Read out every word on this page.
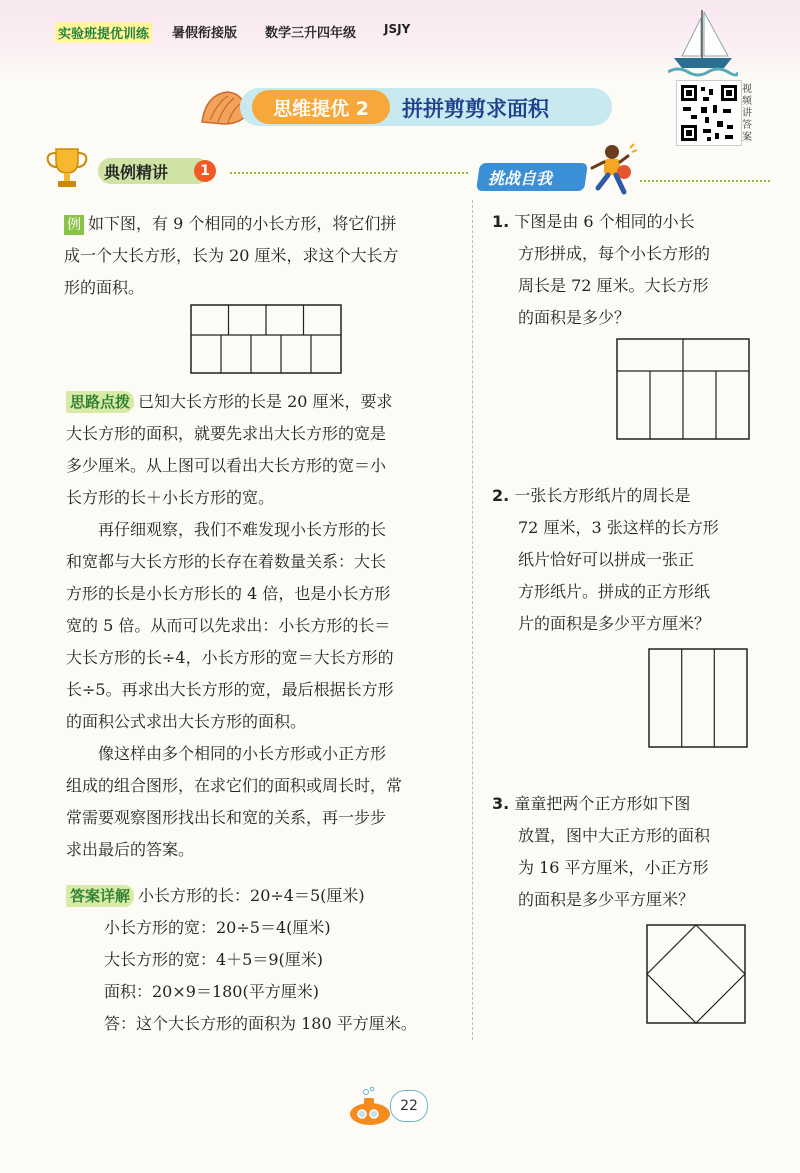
实验班提优训练 暑假衔接版 数学三升四年级 JSJY
思维提优 2	拼拼剪剪求面积
视频讲答案
典例精讲	1	挑战自我
例 如下图，有 9 个相同的小长方形，将它们拼
成一个大长方形，长为 20 厘米，求这个大长方
形的面积。
思路点拨 已知大长方形的长是 20 厘米，要求
大长方形的面积，就要先求出大长方形的宽是
多少厘米。从上图可以看出大长方形的宽＝小
长方形的长＋小长方形的宽。
再仔细观察，我们不难发现小长方形的长
和宽都与大长方形的长存在着数量关系：大长
方形的长是小长方形长的 4 倍，也是小长方形
宽的 5 倍。从而可以先求出：小长方形的长＝
大长方形的长÷4，小长方形的宽＝大长方形的
长÷5。再求出大长方形的宽，最后根据长方形
的面积公式求出大长方形的面积。
像这样由多个相同的小长方形或小正方形
组成的组合图形，在求它们的面积或周长时，常
常需要观察图形找出长和宽的关系，再一步步
求出最后的答案。
答案详解 小长方形的长：20÷4＝5(厘米)
小长方形的宽：20÷5＝4(厘米)
大长方形的宽：4＋5＝9(厘米)
面积：20×9＝180(平方厘米)
答：这个大长方形的面积为 180 平方厘米。
1. 下图是由 6 个相同的小长
方形拼成，每个小长方形的
周长是 72 厘米。大长方形
的面积是多少？
2. 一张长方形纸片的周长是
72 厘米，3 张这样的长方形
纸片恰好可以拼成一张正
方形纸片。拼成的正方形纸
片的面积是多少平方厘米？
3. 童童把两个正方形如下图
放置，图中大正方形的面积
为 16 平方厘米，小正方形
的面积是多少平方厘米？
22
